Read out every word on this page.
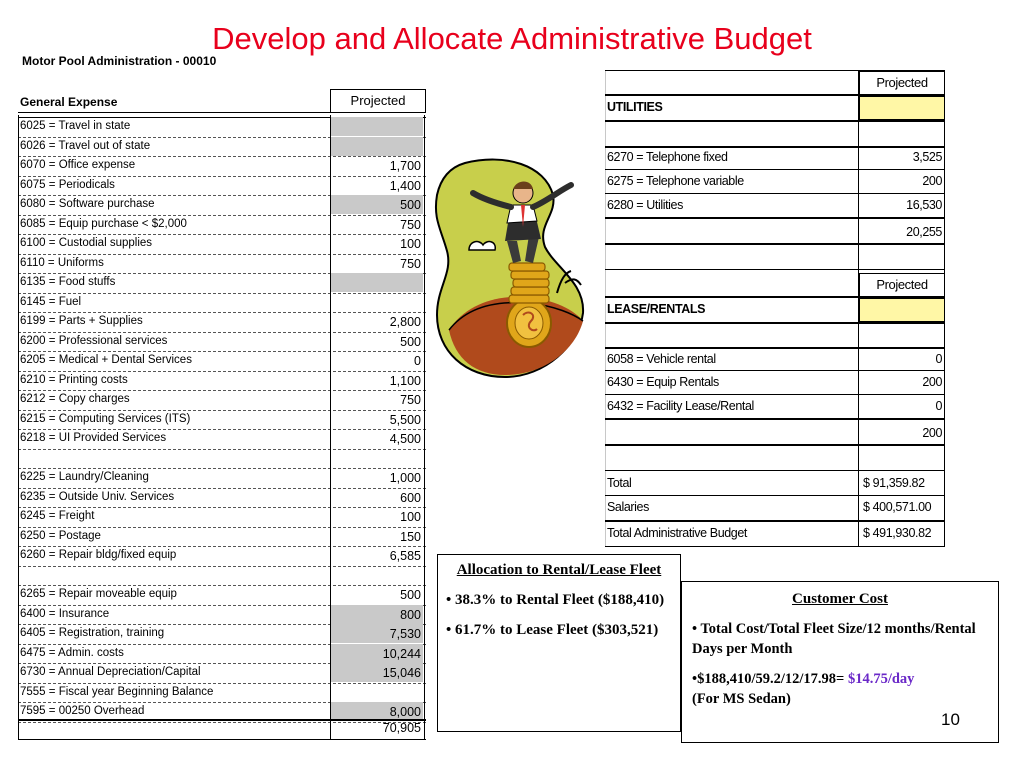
Develop and Allocate Administrative Budget
Motor Pool Administration - 00010
General Expense	Projected
6025 = Travel in state
6026 = Travel out of state
6070 = Office expense	1,700
6075 = Periodicals	1,400
6080 = Software purchase	500
6085 = Equip purchase < $2,000	750
6100 = Custodial supplies	100
6110 = Uniforms	750
6135 = Food stuffs
6145 = Fuel
6199 = Parts + Supplies	2,800
6200 = Professional services	500
6205 = Medical + Dental Services	0
6210 = Printing costs	1,100
6212 = Copy charges	750
6215 = Computing Services (ITS)	5,500
6218 = UI Provided Services	4,500
6225 = Laundry/Cleaning	1,000
6235 = Outside Univ. Services	600
6245 = Freight	100
6250 = Postage	150
6260 = Repair bldg/fixed equip	6,585
6265 = Repair moveable equip	500
6400 = Insurance	800
6405 = Registration, training	7,530
6475 = Admin. costs	10,244
6730 = Annual Depreciation/Capital	15,046
7555 = Fiscal year Beginning Balance
7595 = 00250 Overhead	8,000
70,905
Projected
UTILITIES
6270 = Telephone fixed	3,525
6275 = Telephone variable	200
6280 = Utilities	16,530
20,255
Projected
LEASE/RENTALS
6058 = Vehicle rental	0
6430 = Equip Rentals	200
6432 = Facility Lease/Rental	0
200
Total	$ 91,359.82
Salaries	$ 400,571.00
Total Administrative Budget	$ 491,930.82
Allocation to Rental/Lease Fleet
• 38.3% to Rental Fleet ($188,410)
• 61.7% to Lease Fleet ($303,521)
Customer Cost
• Total Cost/Total Fleet Size/12 months/Rental Days per Month
•$188,410/59.2/12/17.98= $14.75/day
(For MS Sedan)
10
